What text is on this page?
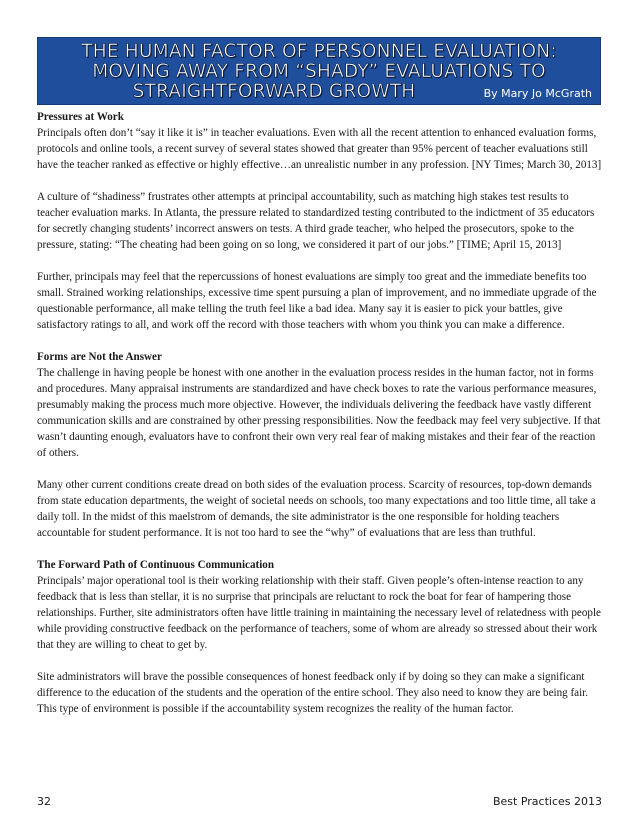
THE HUMAN FACTOR OF PERSONNEL EVALUATION:
MOVING AWAY FROM “SHADY” EVALUATIONS TO
STRAIGHTFORWARD GROWTH	By Mary Jo McGrath

Pressures at Work

Principals often don’t “say it like it is” in teacher evaluations. Even with all the recent attention to enhanced evaluation forms, protocols and online tools, a recent survey of several states showed that greater than 95% percent of teacher evaluations still have the teacher ranked as effective or highly effective…an unrealistic number in any profession. [NY Times; March 30, 2013]

A culture of “shadiness” frustrates other attempts at principal accountability, such as matching high stakes test results to teacher evaluation marks. In Atlanta, the pressure related to standardized testing contributed to the indictment of 35 educators for secretly changing students’ incorrect answers on tests. A third grade teacher, who helped the prosecutors, spoke to the pressure, stating: “The cheating had been going on so long, we considered it part of our jobs.” [TIME; April 15, 2013]

Further, principals may feel that the repercussions of honest evaluations are simply too great and the immediate benefits too small. Strained working relationships, excessive time spent pursuing a plan of improvement, and no immediate upgrade of the questionable performance, all make telling the truth feel like a bad idea. Many say it is easier to pick your battles, give satisfactory ratings to all, and work off the record with those teachers with whom you think you can make a difference.

Forms are Not the Answer

The challenge in having people be honest with one another in the evaluation process resides in the human factor, not in forms and procedures. Many appraisal instruments are standardized and have check boxes to rate the various performance measures, presumably making the process much more objective. However, the individuals delivering the feedback have vastly different communication skills and are constrained by other pressing responsibilities. Now the feedback may feel very subjective. If that wasn’t daunting enough, evaluators have to confront their own very real fear of making mistakes and their fear of the reaction of others.

Many other current conditions create dread on both sides of the evaluation process. Scarcity of resources, top-down demands from state education departments, the weight of societal needs on schools, too many expectations and too little time, all take a daily toll. In the midst of this maelstrom of demands, the site administrator is the one responsible for holding teachers accountable for student performance. It is not too hard to see the “why” of evaluations that are less than truthful.

The Forward Path of Continuous Communication

Principals’ major operational tool is their working relationship with their staff. Given people’s often-intense reaction to any feedback that is less than stellar, it is no surprise that principals are reluctant to rock the boat for fear of hampering those relationships. Further, site administrators often have little training in maintaining the necessary level of relatedness with people while providing constructive feedback on the performance of teachers, some of whom are already so stressed about their work that they are willing to cheat to get by.

Site administrators will brave the possible consequences of honest feedback only if by doing so they can make a significant difference to the education of the students and the operation of the entire school. They also need to know they are being fair. This type of environment is possible if the accountability system recognizes the reality of the human factor.

32	Best Practices 2013
